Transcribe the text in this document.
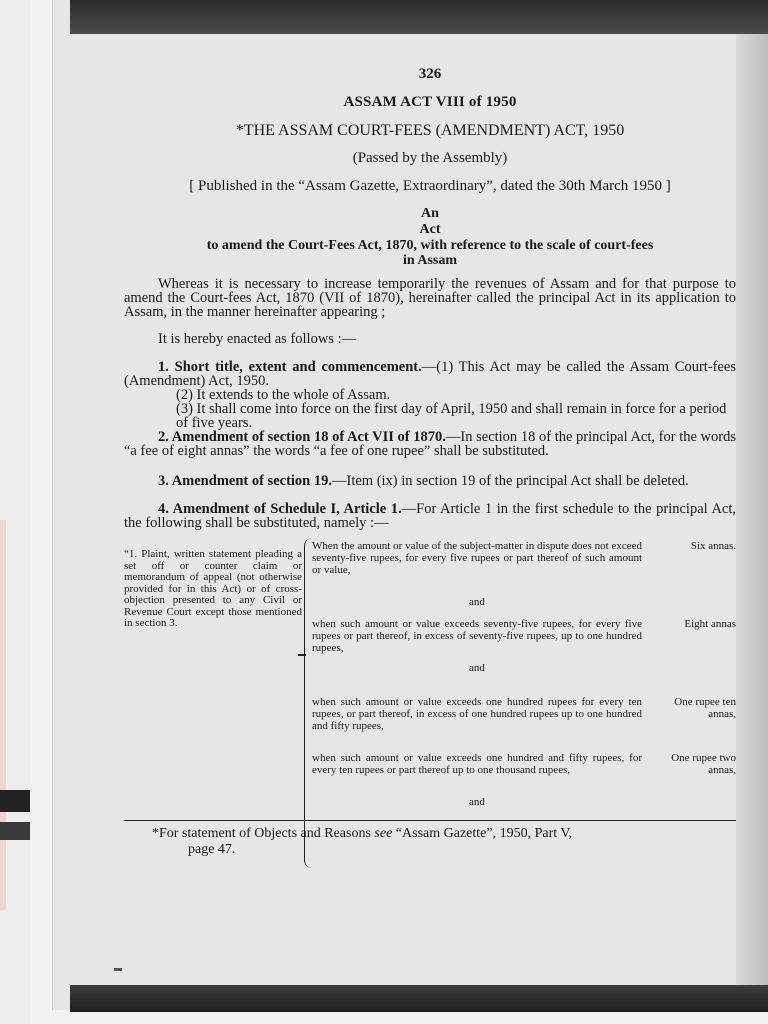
326
ASSAM ACT VIII of 1950
*THE ASSAM COURT-FEES (AMENDMENT) ACT, 1950
(Passed by the Assembly)
[ Published in the “Assam Gazette, Extraordinary”, dated the 30th March 1950 ]
An
Act
to amend the Court-Fees Act, 1870, with reference to the scale of court-fees
in Assam
Whereas it is necessary to increase temporarily the revenues of Assam and for that purpose to amend the Court-fees Act, 1870 (VII of 1870), hereinafter called the principal Act in its application to Assam, in the manner hereinafter appearing ;
It is hereby enacted as follows :—
1. Short title, extent and commencement.—(1) This Act may be called the Assam Court-fees (Amendment) Act, 1950.
(2) It extends to the whole of Assam.
(3) It shall come into force on the first day of April, 1950 and shall remain in force for a period of five years.
2. Amendment of section 18 of Act VII of 1870.—In section 18 of the principal Act, for the words “a fee of eight annas” the words “a fee of one rupee” shall be substituted.
3. Amendment of section 19.—Item (ix) in section 19 of the principal Act shall be deleted.
4. Amendment of Schedule I, Article 1.—For Article 1 in the first schedule to the principal Act, the following shall be substituted, namely :—
“1. Plaint, written statement pleading a set off or counter claim or memorandum of appeal (not otherwise provided for in this Act) or of cross-objection presented to any Civil or Revenue Court except those mentioned in section 3.
When the amount or value of the subject-matter in dispute does not exceed seventy-five rupees, for every five rupees or part thereof of such amount or value,
Six annas.
and
when such amount or value exceeds seventy-five rupees, for every five rupees or part thereof, in excess of seventy-five rupees, up to one hundred rupees,
Eight annas
and
when such amount or value exceeds one hundred rupees for every ten rupees, or part thereof, in excess of one hundred rupees up to one hundred and fifty rupees,
One rupee ten annas,
when such amount or value exceeds one hundred and fifty rupees, for every ten rupees or part thereof up to one thousand rupees,
One rupee two annas,
and
*For statement of Objects and Reasons see “Assam Gazette”, 1950, Part V,
page 47.
